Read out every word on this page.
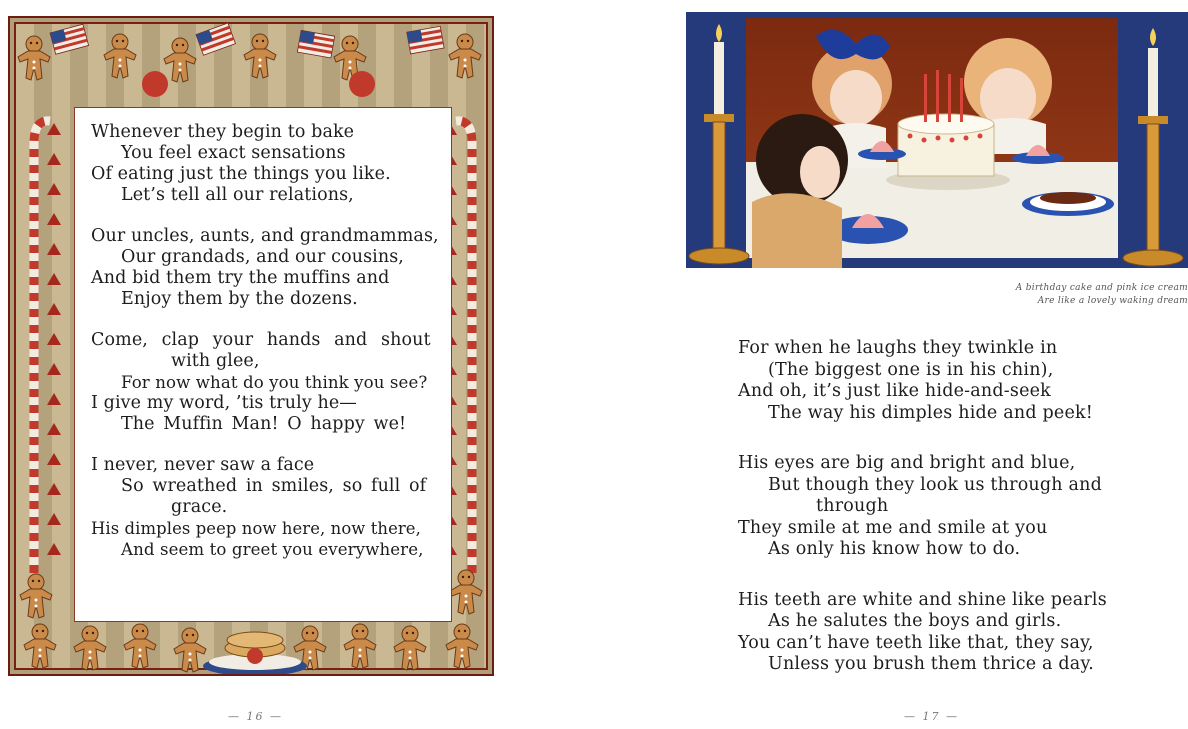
Whenever they begin to bake
You feel exact sensations
Of eating just the things you like.
Let’s tell all our relations,
Our uncles, aunts, and grandmammas,
Our grandads, and our cousins,
And bid them try the muffins and
Enjoy them by the dozens.
Come, clap your hands and shout
with glee,
For now what do you think you see?
I give my word, ’tis truly he—
The Muffin Man! O happy we!
I never, never saw a face
So wreathed in smiles, so full of
grace.
His dimples peep now here, now there,
And seem to greet you everywhere,
— 16 —
A birthday cake and pink ice cream
Are like a lovely waking dream
For when he laughs they twinkle in
(The biggest one is in his chin),
And oh, it’s just like hide-and-seek
The way his dimples hide and peek!
His eyes are big and bright and blue,
But though they look us through and
through
They smile at me and smile at you
As only his know how to do.
His teeth are white and shine like pearls
As he salutes the boys and girls.
You can’t have teeth like that, they say,
Unless you brush them thrice a day.
— 17 —
